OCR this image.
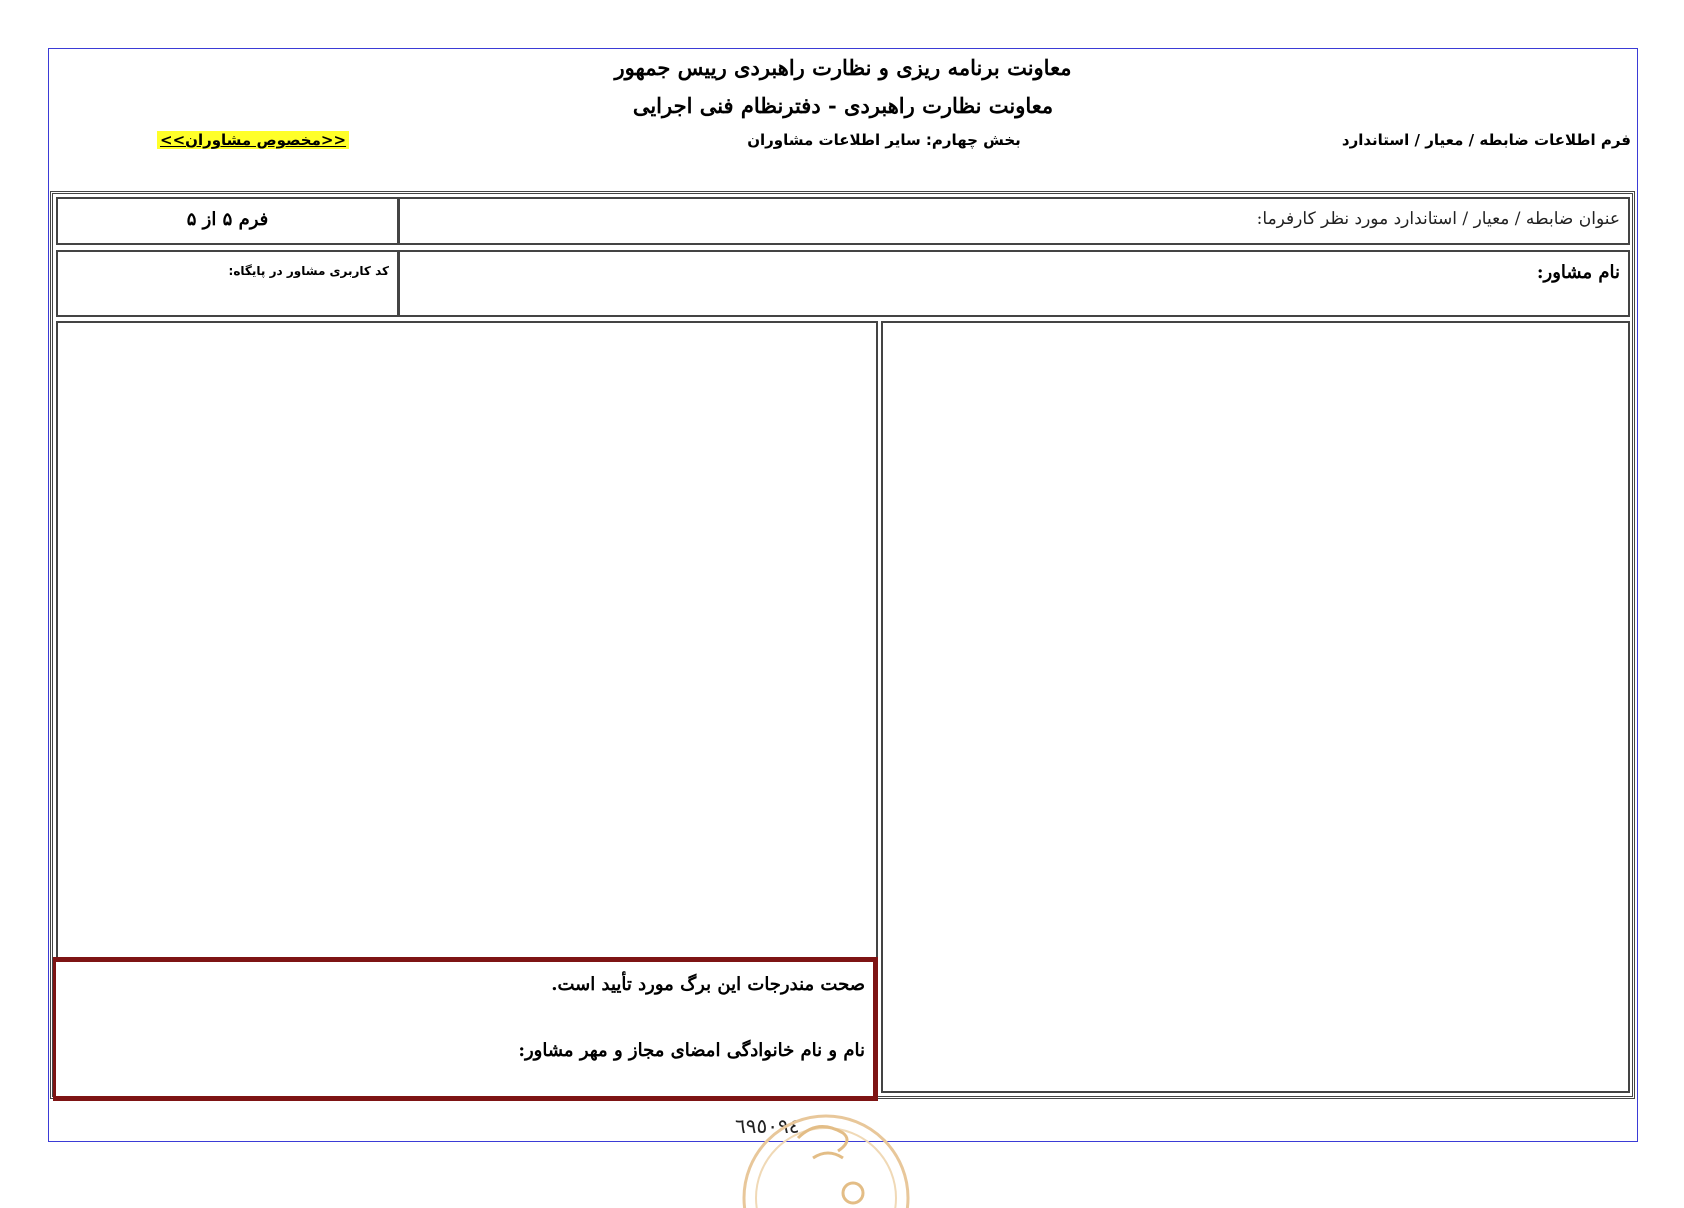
معاونت برنامه ریزی و نظارت راهبردی رییس جمهور
معاونت نظارت راهبردی - دفترنظام فنی اجرایی
فرم اطلاعات ضابطه / معیار / استاندارد
بخش چهارم: سایر اطلاعات مشاوران
<<مخصوص مشاوران>>
فرم ۵ از ۵	عنوان ضابطه / معیار / استاندارد مورد نظر کارفرما:
کد کاربری مشاور در پایگاه:	نام مشاور:
صحت مندرجات این برگ مورد تأیید است.
نام و نام خانوادگی امضای مجاز و مهر مشاور:
٦٩٥٠٩٤
